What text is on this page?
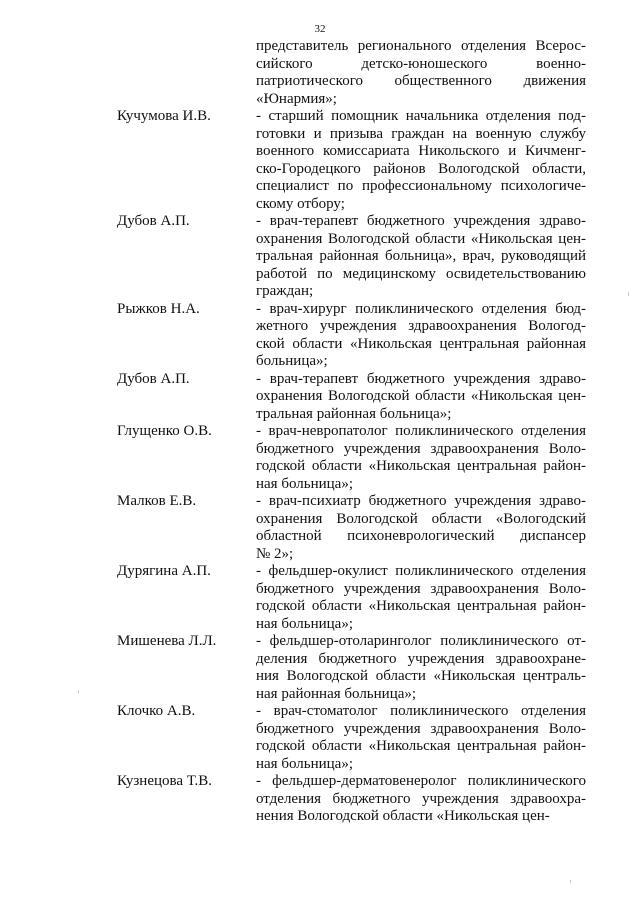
32
представитель регионального отделения Всерос-
сийского детско-юношеского военно-
патриотического общественного движения
«Юнармия»;
Кучумова И.В.	- старший помощник начальника отделения под-
готовки и призыва граждан на военную службу
военного комиссариата Никольского и Кичменг-
ско-Городецкого районов Вологодской области,
специалист по профессиональному психологиче-
скому отбору;
Дубов А.П.	- врач-терапевт бюджетного учреждения здраво-
охранения Вологодской области «Никольская цен-
тральная районная больница», врач, руководящий
работой по медицинскому освидетельствованию
граждан;
Рыжков Н.А.	- врач-хирург поликлинического отделения бюд-
жетного учреждения здравоохранения Вологод-
ской области «Никольская центральная районная
больница»;
Дубов А.П.	- врач-терапевт бюджетного учреждения здраво-
охранения Вологодской области «Никольская цен-
тральная районная больница»;
Глущенко О.В.	- врач-невропатолог поликлинического отделения
бюджетного учреждения здравоохранения Воло-
годской области «Никольская центральная район-
ная больница»;
Малков Е.В.	- врач-психиатр бюджетного учреждения здраво-
охранения Вологодской области «Вологодский
областной психоневрологический диспансер
№ 2»;
Дурягина А.П.	- фельдшер-окулист поликлинического отделения
бюджетного учреждения здравоохранения Воло-
годской области «Никольская центральная район-
ная больница»;
Мишенева Л.Л.	- фельдшер-отоларинголог поликлинического от-
деления бюджетного учреждения здравоохране-
ния Вологодской области «Никольская централь-
ная районная больница»;
Клочко А.В.	- врач-стоматолог поликлинического отделения
бюджетного учреждения здравоохранения Воло-
годской области «Никольская центральная район-
ная больница»;
Кузнецова Т.В.	- фельдшер-дерматовенеролог поликлинического
отделения бюджетного учреждения здравоохра-
нения Вологодской области «Никольская цен-
